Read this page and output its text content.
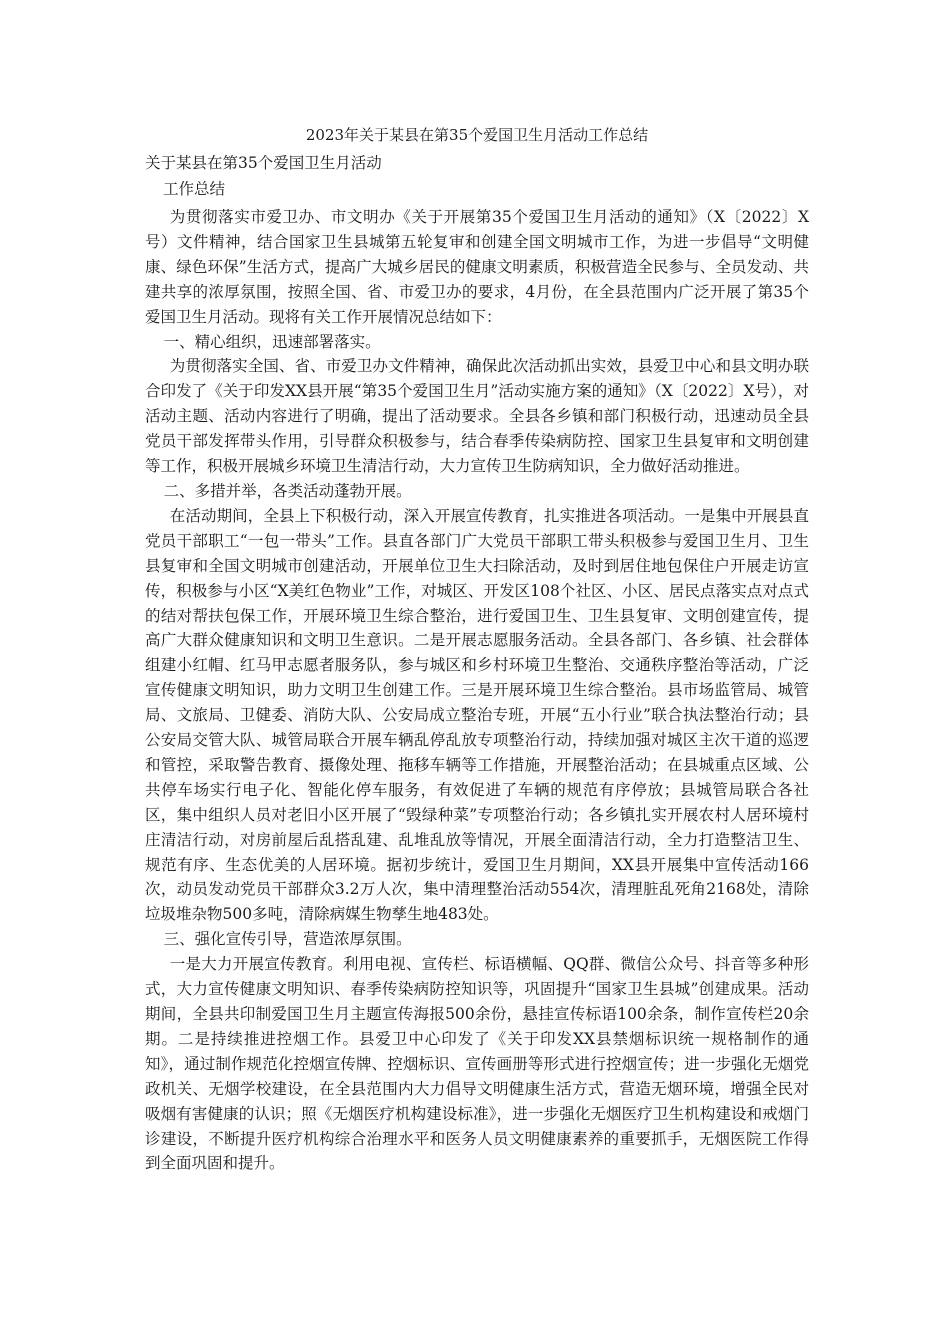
2023年关于某县在第35个爱国卫生月活动工作总结

关于某县在第35个爱国卫生月活动

工作总结

为贯彻落实市爱卫办、市文明办《关于开展第35个爱国卫生月活动的通知》（X〔2022〕X号）文件精神，结合国家卫生县城第五轮复审和创建全国文明城市工作，为进一步倡导“文明健康、绿色环保”生活方式，提高广大城乡居民的健康文明素质，积极营造全民参与、全员发动、共建共享的浓厚氛围，按照全国、省、市爱卫办的要求，4月份，在全县范围内广泛开展了第35个爱国卫生月活动。现将有关工作开展情况总结如下：

一、精心组织，迅速部署落实。

为贯彻落实全国、省、市爱卫办文件精神，确保此次活动抓出实效，县爱卫中心和县文明办联合印发了《关于印发XX县开展“第35个爱国卫生月”活动实施方案的通知》（X〔2022〕X号），对活动主题、活动内容进行了明确，提出了活动要求。全县各乡镇和部门积极行动，迅速动员全县党员干部发挥带头作用，引导群众积极参与，结合春季传染病防控、国家卫生县复审和文明创建等工作，积极开展城乡环境卫生清洁行动，大力宣传卫生防病知识，全力做好活动推进。

二、多措并举，各类活动蓬勃开展。

在活动期间，全县上下积极行动，深入开展宣传教育，扎实推进各项活动。一是集中开展县直党员干部职工“一包一带头”工作。县直各部门广大党员干部职工带头积极参与爱国卫生月、卫生县复审和全国文明城市创建活动，开展单位卫生大扫除活动，及时到居住地包保住户开展走访宣传，积极参与小区“X美红色物业”工作，对城区、开发区108个社区、小区、居民点落实点对点式的结对帮扶包保工作，开展环境卫生综合整治，进行爱国卫生、卫生县复审、文明创建宣传，提高广大群众健康知识和文明卫生意识。二是开展志愿服务活动。全县各部门、各乡镇、社会群体组建小红帽、红马甲志愿者服务队，参与城区和乡村环境卫生整治、交通秩序整治等活动，广泛宣传健康文明知识，助力文明卫生创建工作。三是开展环境卫生综合整治。县市场监管局、城管局、文旅局、卫健委、消防大队、公安局成立整治专班，开展“五小行业”联合执法整治行动；县公安局交管大队、城管局联合开展车辆乱停乱放专项整治行动，持续加强对城区主次干道的巡逻和管控，采取警告教育、摄像处理、拖移车辆等工作措施，开展整治活动；在县城重点区域、公共停车场实行电子化、智能化停车服务，有效促进了车辆的规范有序停放；县城管局联合各社区，集中组织人员对老旧小区开展了“毁绿种菜”专项整治行动；各乡镇扎实开展农村人居环境村庄清洁行动，对房前屋后乱搭乱建、乱堆乱放等情况，开展全面清洁行动，全力打造整洁卫生、规范有序、生态优美的人居环境。据初步统计，爱国卫生月期间，XX县开展集中宣传活动166次，动员发动党员干部群众3.2万人次，集中清理整治活动554次，清理脏乱死角2168处，清除垃圾堆杂物500多吨，清除病媒生物孳生地483处。

三、强化宣传引导，营造浓厚氛围。

一是大力开展宣传教育。利用电视、宣传栏、标语横幅、QQ群、微信公众号、抖音等多种形式，大力宣传健康文明知识、春季传染病防控知识等，巩固提升“国家卫生县城”创建成果。活动期间，全县共印制爱国卫生月主题宣传海报500余份，悬挂宣传标语100余条，制作宣传栏20余期。二是持续推进控烟工作。县爱卫中心印发了《关于印发XX县禁烟标识统一规格制作的通知》，通过制作规范化控烟宣传牌、控烟标识、宣传画册等形式进行控烟宣传；进一步强化无烟党政机关、无烟学校建设，在全县范围内大力倡导文明健康生活方式，营造无烟环境，增强全民对吸烟有害健康的认识；照《无烟医疗机构建设标准》，进一步强化无烟医疗卫生机构建设和戒烟门诊建设，不断提升医疗机构综合治理水平和医务人员文明健康素养的重要抓手，无烟医院工作得到全面巩固和提升。
